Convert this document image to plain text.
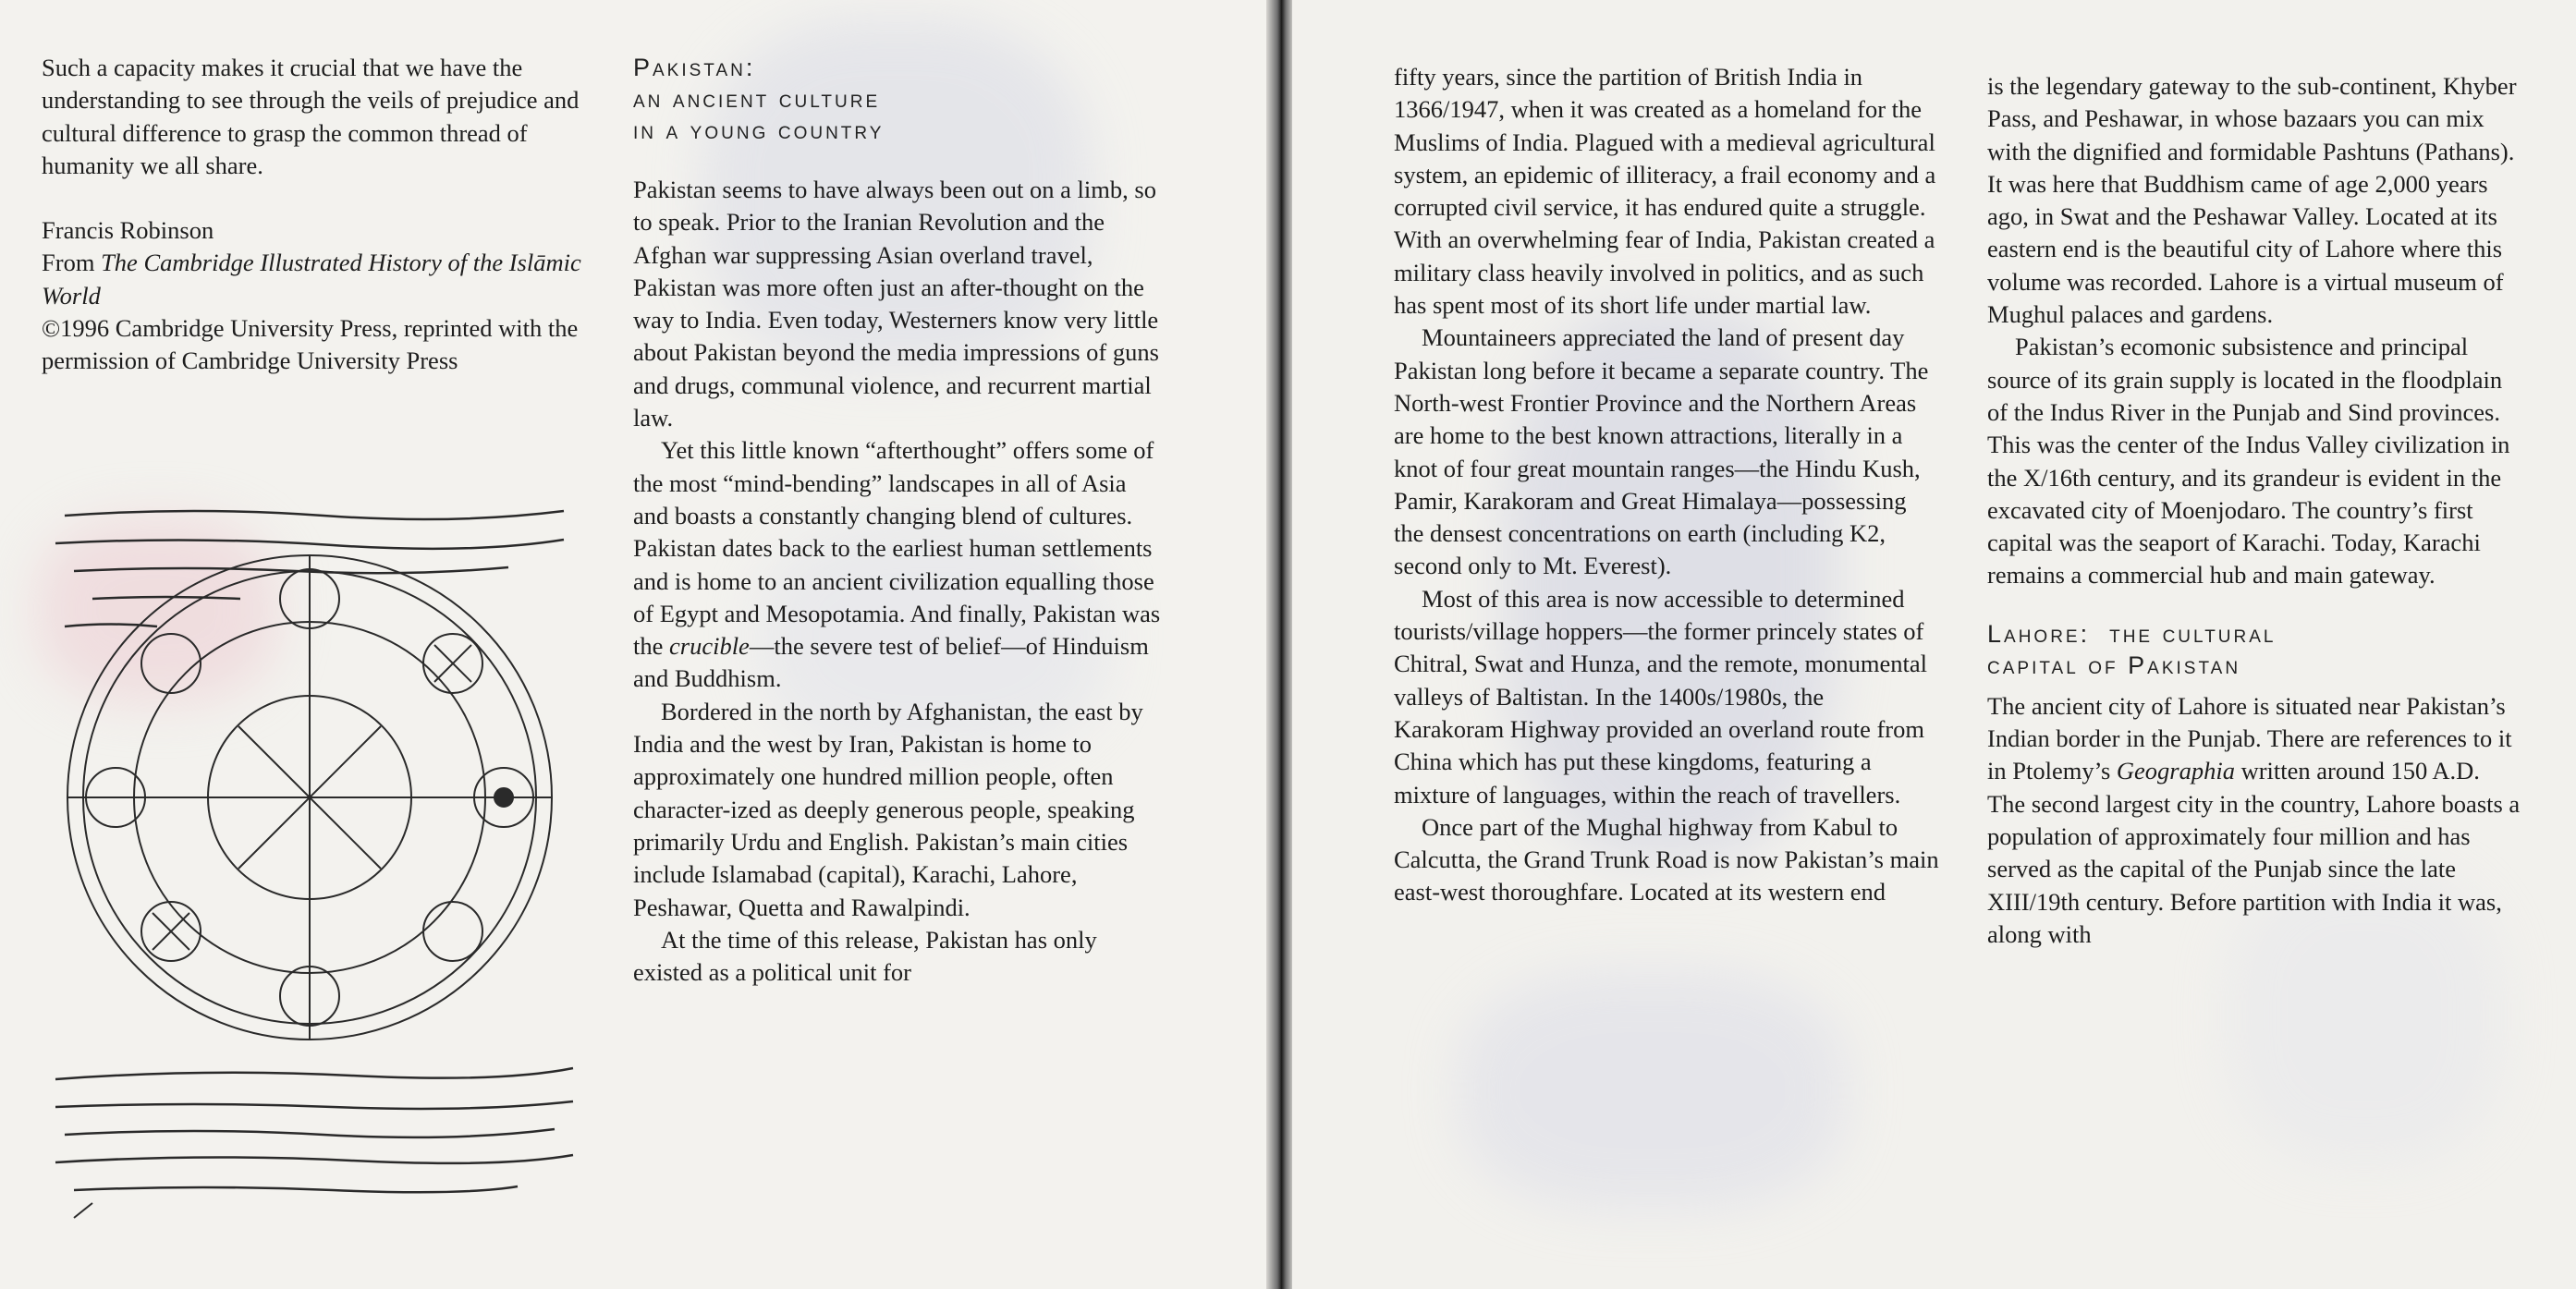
Such a capacity makes it crucial that we have the understanding to see through the veils of prejudice and cultural difference to grasp the common thread of humanity we all share.

Francis Robinson
From The Cambridge Illustrated History of the Islāmic World
©1996 Cambridge University Press, reprinted with the permission of Cambridge University Press
Pakistan:
an ancient culture
in a young country

Pakistan seems to have always been out on a limb, so to speak. Prior to the Iranian Revolution and the Afghan war suppressing Asian overland travel, Pakistan was more often just an after-thought on the way to India. Even today, Westerners know very little about Pakistan beyond the media impressions of guns and drugs, communal violence, and recurrent martial law.

Yet this little known “afterthought” offers some of the most “mind-bending” landscapes in all of Asia and boasts a constantly changing blend of cultures. Pakistan dates back to the earliest human settlements and is home to an ancient civilization equalling those of Egypt and Mesopotamia. And finally, Pakistan was the crucible—the severe test of belief—of Hinduism and Buddhism.

Bordered in the north by Afghanistan, the east by India and the west by Iran, Pakistan is home to approximately one hundred million people, often character-ized as deeply generous people, speaking primarily Urdu and English. Pakistan’s main cities include Islamabad (capital), Karachi, Lahore, Peshawar, Quetta and Rawalpindi.

At the time of this release, Pakistan has only existed as a political unit for

fifty years, since the partition of British India in 1366/1947, when it was created as a homeland for the Muslims of India. Plagued with a medieval agricultural system, an epidemic of illiteracy, a frail economy and a corrupted civil service, it has endured quite a struggle. With an overwhelming fear of India, Pakistan created a military class heavily involved in politics, and as such has spent most of its short life under martial law.

Mountaineers appreciated the land of present day Pakistan long before it became a separate country. The North-west Frontier Province and the Northern Areas are home to the best known attractions, literally in a knot of four great mountain ranges—the Hindu Kush, Pamir, Karakoram and Great Himalaya—possessing the densest concentrations on earth (including K2, second only to Mt. Everest).

Most of this area is now accessible to determined tourists/village hoppers—the former princely states of Chitral, Swat and Hunza, and the remote, monumental valleys of Baltistan. In the 1400s/1980s, the Karakoram Highway provided an overland route from China which has put these kingdoms, featuring a mixture of languages, within the reach of travellers.

Once part of the Mughal highway from Kabul to Calcutta, the Grand Trunk Road is now Pakistan’s main east-west thoroughfare. Located at its western end

is the legendary gateway to the sub-continent, Khyber Pass, and Peshawar, in whose bazaars you can mix with the dignified and formidable Pashtuns (Pathans). It was here that Buddhism came of age 2,000 years ago, in Swat and the Peshawar Valley. Located at its eastern end is the beautiful city of Lahore where this volume was recorded. Lahore is a virtual museum of Mughul palaces and gardens.

Pakistan’s ecomonic subsistence and principal source of its grain supply is located in the floodplain of the Indus River in the Punjab and Sind provinces. This was the center of the Indus Valley civilization in the X/16th century, and its grandeur is evident in the excavated city of Moenjodaro. The country’s first capital was the seaport of Karachi. Today, Karachi remains a commercial hub and main gateway.

Lahore:  the cultural
capital of Pakistan

The ancient city of Lahore is situated near Pakistan’s Indian border in the Punjab. There are references to it in Ptolemy’s Geographia written around 150 A.D. The second largest city in the country, Lahore boasts a population of approximately four million and has served as the capital of the Punjab since the late XIII/19th century. Before partition with India it was, along with
